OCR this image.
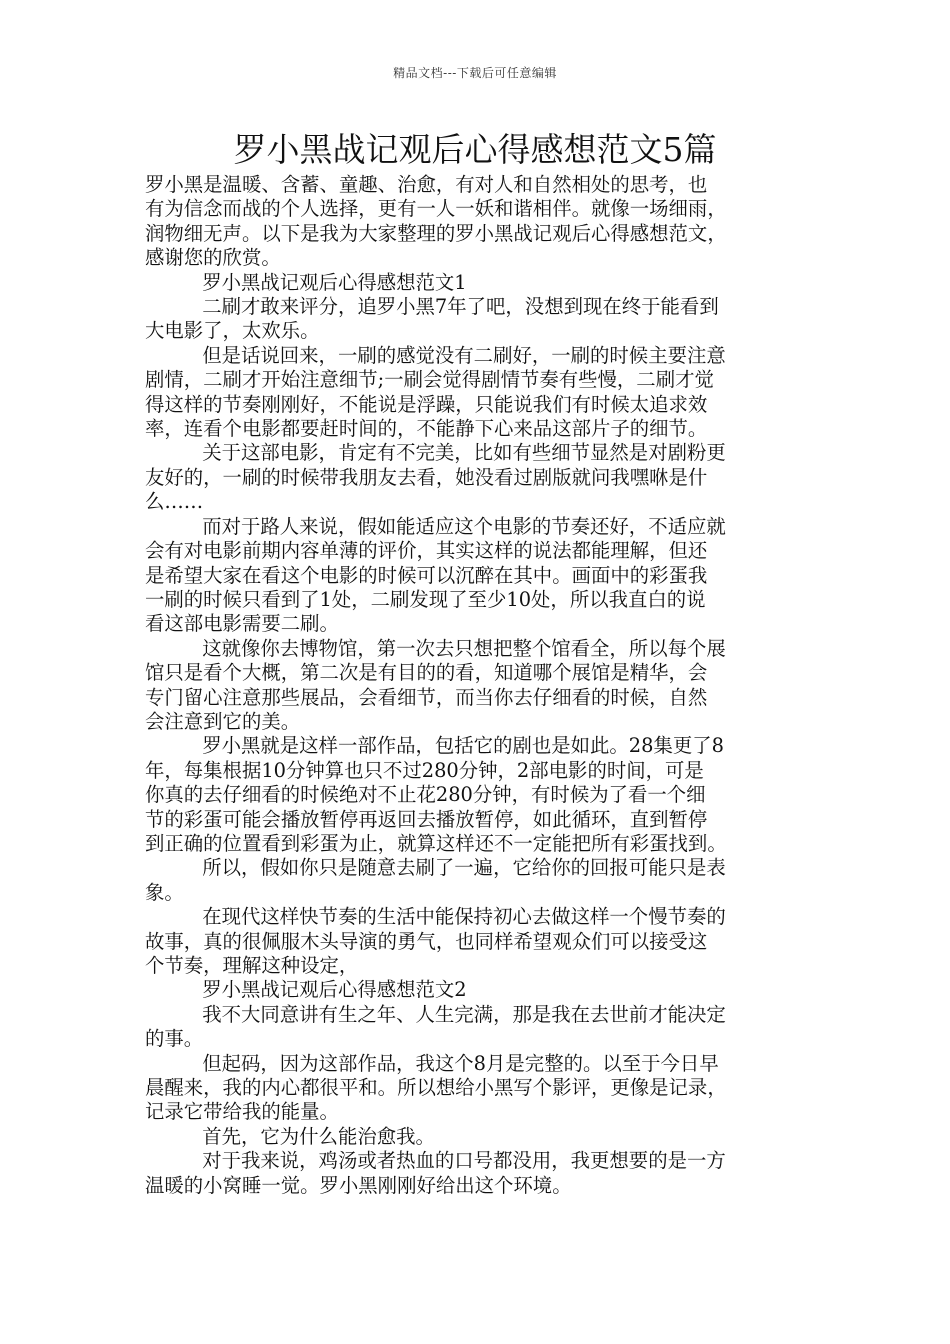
精品文档---下载后可任意编辑
罗小黑战记观后心得感想范文5篇

罗小黑是温暖、含蓄、童趣、治愈，有对人和自然相处的思考，也
有为信念而战的个人选择，更有一人一妖和谐相伴。就像一场细雨，
润物细无声。以下是我为大家整理的罗小黑战记观后心得感想范文，
感谢您的欣赏。

罗小黑战记观后心得感想范文1

二刷才敢来评分，追罗小黑7年了吧，没想到现在终于能看到
大电影了，太欢乐。

但是话说回来，一刷的感觉没有二刷好，一刷的时候主要注意
剧情，二刷才开始注意细节;一刷会觉得剧情节奏有些慢，二刷才觉
得这样的节奏刚刚好，不能说是浮躁，只能说我们有时候太追求效
率，连看个电影都要赶时间的，不能静下心来品这部片子的细节。

关于这部电影，肯定有不完美，比如有些细节显然是对剧粉更
友好的，一刷的时候带我朋友去看，她没看过剧版就问我嘿咻是什
么……

而对于路人来说，假如能适应这个电影的节奏还好，不适应就
会有对电影前期内容单薄的评价，其实这样的说法都能理解，但还
是希望大家在看这个电影的时候可以沉醉在其中。画面中的彩蛋我
一刷的时候只看到了1处，二刷发现了至少10处，所以我直白的说
看这部电影需要二刷。

这就像你去博物馆，第一次去只想把整个馆看全，所以每个展
馆只是看个大概，第二次是有目的的看，知道哪个展馆是精华，会
专门留心注意那些展品，会看细节，而当你去仔细看的时候，自然
会注意到它的美。

罗小黑就是这样一部作品，包括它的剧也是如此。28集更了8
年，每集根据10分钟算也只不过280分钟，2部电影的时间，可是
你真的去仔细看的时候绝对不止花280分钟，有时候为了看一个细
节的彩蛋可能会播放暂停再返回去播放暂停，如此循环，直到暂停
到正确的位置看到彩蛋为止，就算这样还不一定能把所有彩蛋找到。

所以，假如你只是随意去刷了一遍，它给你的回报可能只是表
象。

在现代这样快节奏的生活中能保持初心去做这样一个慢节奏的
故事，真的很佩服木头导演的勇气，也同样希望观众们可以接受这
个节奏，理解这种设定，

罗小黑战记观后心得感想范文2

我不大同意讲有生之年、人生完满，那是我在去世前才能决定
的事。

但起码，因为这部作品，我这个8月是完整的。以至于今日早
晨醒来，我的内心都很平和。所以想给小黑写个影评，更像是记录，
记录它带给我的能量。

首先，它为什么能治愈我。

对于我来说，鸡汤或者热血的口号都没用，我更想要的是一方
温暖的小窝睡一觉。罗小黑刚刚好给出这个环境。
